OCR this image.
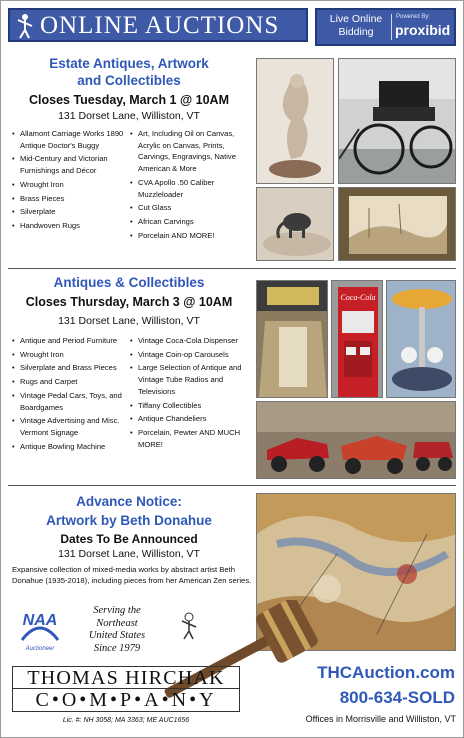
ONLINE AUCTIONS	Live Online Bidding
Powered By:
proxibid
Estate Antiques, Artwork
and Collectibles
Closes Tuesday, March 1 @ 10AM
131 Dorset Lane, Williston, VT
• Allamont Carriage Works 1890 Antique Doctor's Buggy
• Mid-Century and Victorian Furnishings and Décor
• Wrought Iron
• Brass Pieces
• Silverplate
• Handwoven Rugs
• Art, Including Oil on Canvas, Acrylic on Canvas, Prints, Carvings, Engravings, Native American & More
• CVA Apollo .50 Caliber Muzzleloader
• Cut Glass
• African Carvings
• Porcelain AND MORE!
Antiques & Collectibles
Closes Thursday, March 3 @ 10AM
131 Dorset Lane, Williston, VT
• Antique and Period Furniture
• Wrought Iron
• Silverplate and Brass Pieces
• Rugs and Carpet
• Vintage Pedal Cars, Toys, and Boardgames
• Vintage Advertising and Misc. Vermont Signage
• Antique Bowling Machine
• Vintage Coca-Cola Dispenser
• Vintage Coin-op Carousels
• Large Selection of Antique and Vintage Tube Radios and Televisions
• Tiffany Collectibles
• Antique Chandeliers
• Porcelain, Pewter AND MUCH MORE!
Coca-Cola
Advance Notice:
Artwork by Beth Donahue
Dates To Be Announced
131 Dorset Lane, Williston, VT
Expansive collection of mixed-media works by abstract artist Beth Donahue (1935-2018), including pieces from her American Zen series.
NAA
Auctioneer
Serving the
Northeast
United States
Since 1979
THOMAS HIRCHAK
C•O•M•P•A•N•Y
Lic. #: NH 3058; MA 3363; ME AUC1656
THCAuction.com
800-634-SOLD
Offices in Morrisville and Williston, VT
